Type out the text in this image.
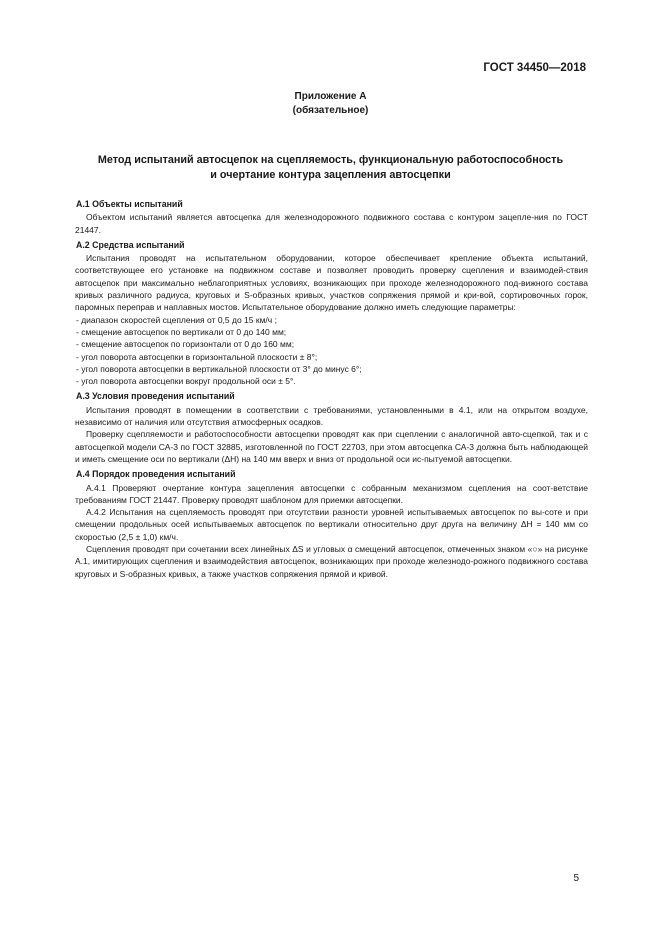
ГОСТ 34450—2018
Приложение А
(обязательное)
Метод испытаний автосцепок на сцепляемость, функциональную работоспособность
и очертание контура зацепления автосцепки
А.1 Объекты испытаний

Объектом испытаний является автосцепка для железнодорожного подвижного состава с контуром зацепле-ния по ГОСТ 21447.

А.2 Средства испытаний

Испытания проводят на испытательном оборудовании, которое обеспечивает крепление объекта испытаний, соответствующее его установке на подвижном составе и позволяет проводить проверку сцепления и взаимодей-ствия автосцепок при максимально неблагоприятных условиях, возникающих при проходе железнодорожного под-вижного состава кривых различного радиуса, круговых и S-образных кривых, участков сопряжения прямой и кри-вой, сортировочных горок, паромных переправ и наплавных мостов. Испытательное оборудование должно иметь следующие параметры:

- диапазон скоростей сцепления от 0,5 до 15 км/ч ;
- смещение автосцепок по вертикали от 0 до 140 мм;
- смещение автосцепок по горизонтали от 0 до 160 мм;
- угол поворота автосцепки в горизонтальной плоскости ± 8°;
- угол поворота автосцепки в вертикальной плоскости от 3° до минус 6°;
- угол поворота автосцепки вокруг продольной оси ± 5°.
А.3 Условия проведения испытаний

Испытания проводят в помещении в соответствии с требованиями, установленными в 4.1, или на открытом воздухе, независимо от наличия или отсутствия атмосферных осадков.

Проверку сцепляемости и работоспособности автосцепки проводят как при сцеплении с аналогичной авто-сцепкой, так и с автосцепкой модели СА-3 по ГОСТ 32885, изготовленной по ГОСТ 22703, при этом автосцепка СА-3 должна быть наблюдающей и иметь смещение оси по вертикали (ΔН) на 140 мм вверх и вниз от продольной оси ис-пытуемой автосцепки.

А.4 Порядок проведения испытаний

А.4.1 Проверяют очертание контура зацепления автосцепки с собранным механизмом сцепления на соот-ветствие требованиям ГОСТ 21447. Проверку проводят шаблоном для приемки автосцепки.

А.4.2 Испытания на сцепляемость проводят при отсутствии разности уровней испытываемых автосцепок по вы-соте и при смещении продольных осей испытываемых автосцепок по вертикали относительно друг друга на величину ΔН = 140 мм со скоростью (2,5 ± 1,0) км/ч.

Сцепления проводят при сочетании всех линейных ΔS и угловых α смещений автосцепок, отмеченных знаком «○» на рисунке А.1, имитирующих сцепления и взаимодействия автосцепок, возникающих при проходе железнодо-рожного подвижного состава круговых и S-образных кривых, а также участков сопряжения прямой и кривой.

5
